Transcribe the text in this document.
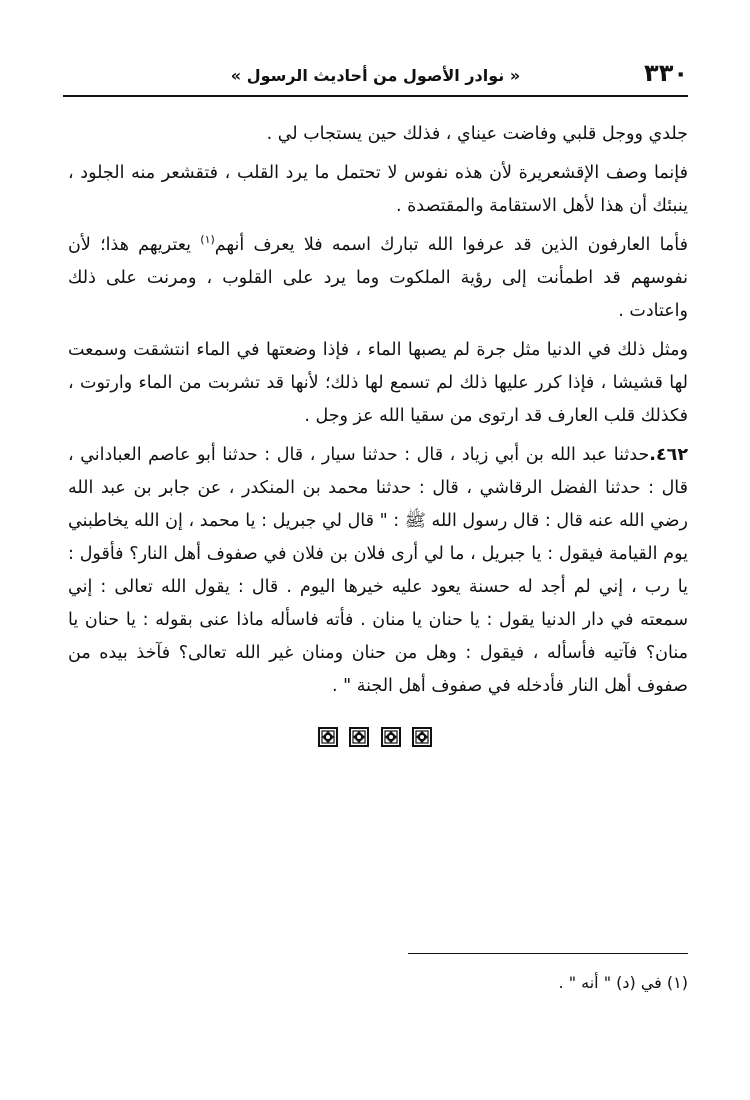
٣٣٠
« نوادر الأصول من أحاديث الرسول »

جلدي ووجل قلبي وفاضت عيناي ، فذلك حين يستجاب لي .

فإنما وصف الإقشعريرة لأن هذه نفوس لا تحتمل ما يرد القلب ، فتقشعر منه الجلود ، ينبئك أن هذا لأهل الاستقامة والمقتصدة .

فأما العارفون الذين قد عرفوا الله تبارك اسمه فلا يعرف أنهم$^{(١)}$ يعتريهم هذا؛ لأن نفوسهم قد اطمأنت إلى رؤية الملكوت وما يرد على القلوب ، ومرنت على ذلك واعتادت .

ومثل ذلك في الدنيا مثل جرة لم يصبها الماء ، فإذا وضعتها في الماء انتشقت وسمعت لها قشيشا ، فإذا كرر عليها ذلك لم تسمع لها ذلك؛ لأنها قد تشربت من الماء وارتوت ، فكذلك قلب العارف قد ارتوى من سقيا الله عز وجل .

٤٦٢.حدثنا عبد الله بن أبي زياد ، قال : حدثنا سيار ، قال : حدثنا أبو عاصم العباداني ، قال : حدثنا الفضل الرقاشي ، قال : حدثنا محمد بن المنكدر ، عن جابر بن عبد الله رضي الله عنه قال : قال رسول الله ﷺ : " قال لي جبريل : يا محمد ، إن الله يخاطبني يوم القيامة فيقول : يا جبريل ، ما لي أرى فلان بن فلان في صفوف أهل النار؟ فأقول : يا رب ، إني لم أجد له حسنة يعود عليه خيرها اليوم . قال : يقول الله تعالى : إني سمعته في دار الدنيا يقول : يا حنان يا منان . فأته فاسأله ماذا عنى بقوله : يا حنان يا منان؟ فآتيه فأسأله ، فيقول : وهل من حنان ومنان غير الله تعالى؟ فآخذ بيده من صفوف أهل النار فأدخله في صفوف أهل الجنة " .

(١) في (د) " أنه " .
